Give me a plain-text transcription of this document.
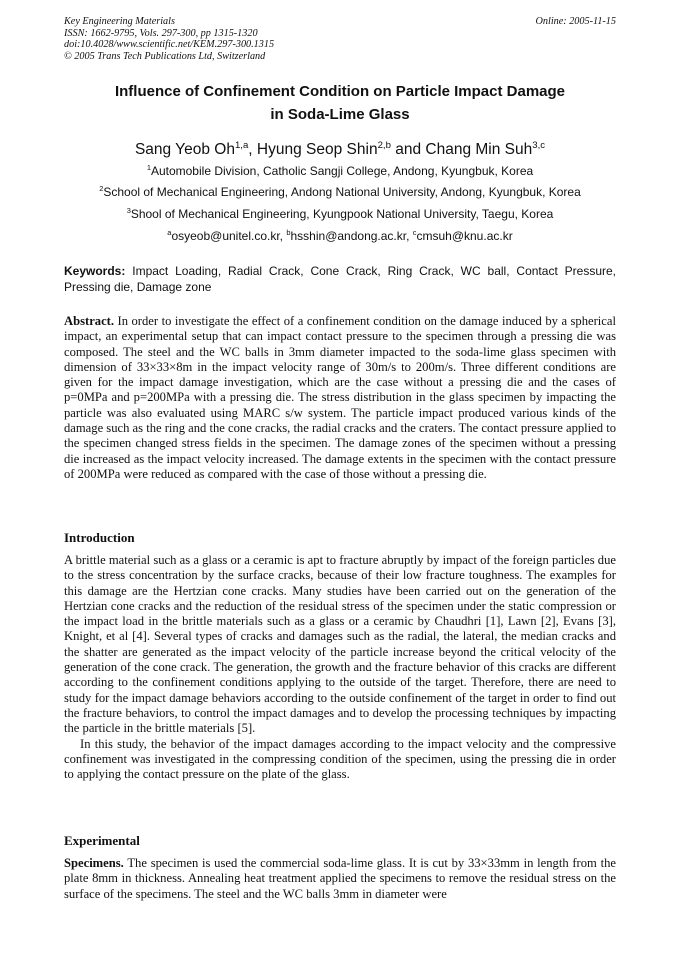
Key Engineering Materials
ISSN: 1662-9795, Vols. 297-300, pp 1315-1320
doi:10.4028/www.scientific.net/KEM.297-300.1315
© 2005 Trans Tech Publications Ltd, Switzerland
Online: 2005-11-15
Influence of Confinement Condition on Particle Impact Damage
in Soda-Lime Glass
Sang Yeob Oh$^{1,a}$, Hyung Seop Shin$^{2,b}$ and Chang Min Suh$^{3,c}$
$^1$Automobile Division, Catholic Sangji College, Andong, Kyungbuk, Korea
$^2$School of Mechanical Engineering, Andong National University, Andong, Kyungbuk, Korea
$^3$Shool of Mechanical Engineering, Kyungpook National University, Taegu, Korea
$^a$osyeob@unitel.co.kr, $^b$hsshin@andong.ac.kr, $^c$cmsuh@knu.ac.kr
Keywords: Impact Loading, Radial Crack, Cone Crack, Ring Crack, WC ball, Contact Pressure, Pressing die, Damage zone
Abstract. In order to investigate the effect of a confinement condition on the damage induced by a spherical impact, an experimental setup that can impact contact pressure to the specimen through a pressing die was composed. The steel and the WC balls in 3mm diameter impacted to the soda-lime glass specimen with dimension of 33×33×8m in the impact velocity range of 30m/s to 200m/s. Three different conditions are given for the impact damage investigation, which are the case without a pressing die and the cases of p=0MPa and p=200MPa with a pressing die. The stress distribution in the glass specimen by impacting the particle was also evaluated using MARC s/w system. The particle impact produced various kinds of the damage such as the ring and the cone cracks, the radial cracks and the craters. The contact pressure applied to the specimen changed stress fields in the specimen. The damage zones of the specimen without a pressing die increased as the impact velocity increased. The damage extents in the specimen with the contact pressure of 200MPa were reduced as compared with the case of those without a pressing die.
Introduction

A brittle material such as a glass or a ceramic is apt to fracture abruptly by impact of the foreign particles due to the stress concentration by the surface cracks, because of their low fracture toughness. The examples for this damage are the Hertzian cone cracks. Many studies have been carried out on the generation of the Hertzian cone cracks and the reduction of the residual stress of the specimen under the static compression or the impact load in the brittle materials such as a glass or a ceramic by Chaudhri [1], Lawn [2], Evans [3], Knight, et al [4]. Several types of cracks and damages such as the radial, the lateral, the median cracks and the shatter are generated as the impact velocity of the particle increase beyond the critical velocity of the generation of the cone crack. The generation, the growth and the fracture behavior of this cracks are different according to the confinement conditions applying to the outside of the target. Therefore, there are need to study for the impact damage behaviors according to the outside confinement of the target in order to find out the fracture behaviors, to control the impact damages and to develop the processing techniques by impacting the particle in the brittle materials [5].

In this study, the behavior of the impact damages according to the impact velocity and the compressive confinement was investigated in the compressing condition of the specimen, using the pressing die in order to applying the contact pressure on the plate of the glass.

Experimental

Specimens. The specimen is used the commercial soda-lime glass. It is cut by 33×33mm in length from the plate 8mm in thickness. Annealing heat treatment applied the specimens to remove the residual stress on the surface of the specimens. The steel and the WC balls 3mm in diameter were
